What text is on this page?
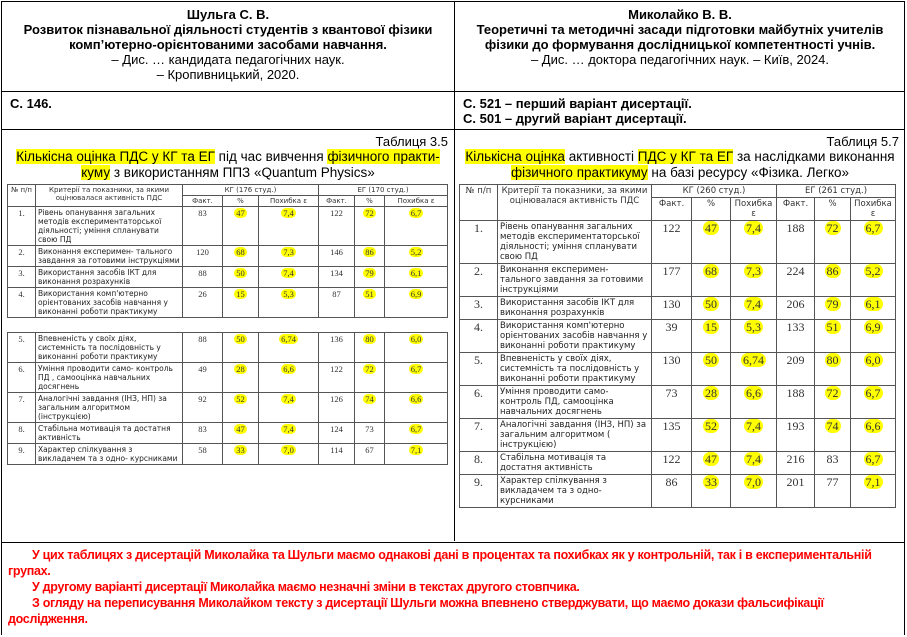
Шульга С. В.
Розвиток пізнавальної діяльності студентів з квантової фізики
комп’ютерно-орієнтованими засобами навчання.
– Дис. … кандидата педагогічних наук.
– Кропивницький, 2020.
С. 146.
Таблиця 3.5
Кількісна оцінка ПДС у КГ та ЕГ під час вивчення фізичного практи-
куму з використанням ППЗ «Quantum Physics»
№ п/п	Критерії та показники, за якими оцінювалася активність ПДС	КГ (176 студ.)			ЕГ (170 студ.)		
		Факт.	%	Похибка ε	Факт.	%	Похибка ε
1.	Рівень опанування загальних методів експериментаторської діяльності; уміння спланувати свою ПД	83	47	7,4	122	72	6,7
2.	Виконання експеримен- тального завдання за готовими інструкціями	120	68	7,3	146	86	5,2
3.	Використання засобів ІКТ для виконання розрахунків	88	50	7,4	134	79	6,1
4.	Використання комп'ютерно орієнтованих засобів навчання у виконанні роботи практикуму	26	15	5,3	87	51	6,9
5.	Впевненість у своїх діях, системність та послідовність у виконанні роботи практикуму	88	50	6,74	136	80	6,0
6.	Уміння проводити само- контроль ПД , самооцінка навчальних досягнень	49	28	6,6	122	72	6,7
7.	Аналогічні завдання (ІНЗ, НП) за загальним алгоритмом (інструкцією)	92	52	7,4	126	74	6,6
8.	Стабільна мотивація та достатня активність	83	47	7,4	124	73	6,7
9.	Характер спілкування з викладачем та з одно- курсниками	58	33	7,0	114	67	7,1
Миколайко В. В.
Теоретичні та методичні засади підготовки майбутніх учителів
фізики до формування дослідницької компетентності учнів.
– Дис. … доктора педагогічних наук. – Київ, 2024.
С. 521 – перший варіант дисертації.
С. 501 – другий варіант дисертації.
Таблиця 5.7
Кількісна оцінка активності ПДС у КГ та ЕГ за наслідками виконання
фізичного практикуму на базі ресурсу «Фізика. Легко»
№ п/п	Критерії та показники, за якими оцінювалася активність ПДС	КГ (260 студ.)			ЕГ (261 студ.)		
		Факт.	%	Похибка ε	Факт.	%	Похибка ε
1.	Рівень опанування загальних методів експериментаторської діяльності; уміння спланувати свою ПД	122	47	7,4	188	72	6,7
2.	Виконання експеримен-тального завдання за готовими інструкціями	177	68	7,3	224	86	5,2
3.	Використання засобів ІКТ для виконання розрахунків	130	50	7,4	206	79	6,1
4.	Використання комп'ютерно орієнтованих засобів навчання у виконанні роботи практикуму	39	15	5,3	133	51	6,9
5.	Впевненість у своїх діях, системність та послідовність у виконанні роботи практикуму	130	50	6,74	209	80	6,0
6.	Уміння проводити само-контроль ПД, самооцінка навчальних досягнень	73	28	6,6	188	72	6,7
7.	Аналогічні завдання (ІНЗ, НП) за загальним алгоритмом ( інструкцією)	135	52	7,4	193	74	6,6
8.	Стабільна мотивація та достатня активність	122	47	7,4	216	83	6,7
9.	Характер спілкування з викладачем та з одно-курсниками	86	33	7,0	201	77	7,1

У цих таблицях з дисертацій Миколайка та Шульги маємо однакові дані в процентах та похибках як у контрольній, так і в експериментальній групах.

У другому варіанті дисертації Миколайка маємо незначні зміни в текстах другого стовпчика.

З огляду на переписування Миколайком тексту з дисертації Шульги можна впевнено стверджувати, що маємо докази фальсифікації дослідження.
